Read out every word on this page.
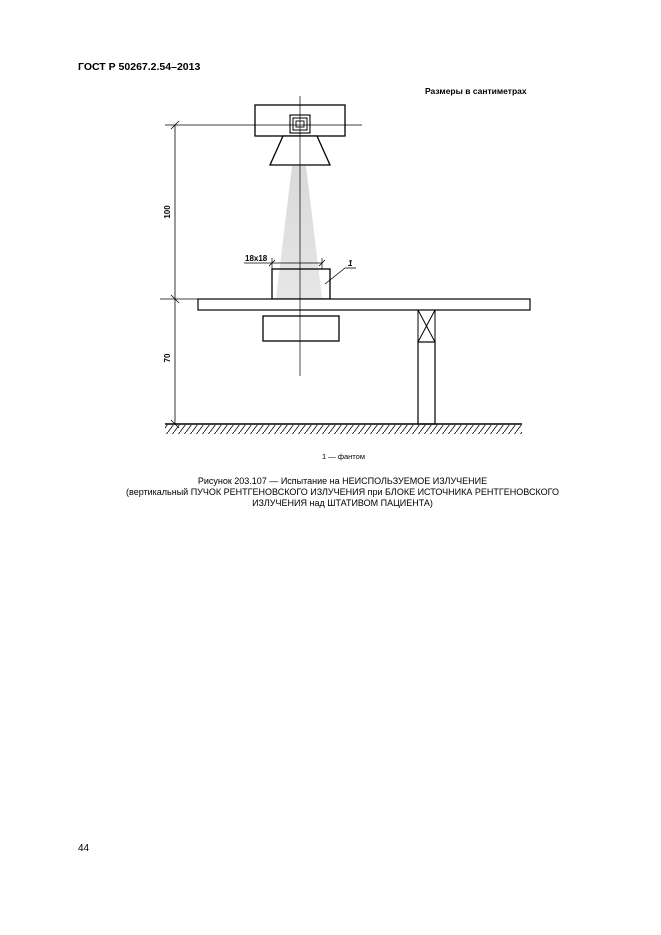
ГОСТ Р 50267.2.54–2013
Размеры в сантиметрах
100
70
18x18
1
1 — фантом
Рисунок 203.107 — Испытание на НЕИСПОЛЬЗУЕМОЕ ИЗЛУЧЕНИЕ
(вертикальный ПУЧОК РЕНТГЕНОВСКОГО ИЗЛУЧЕНИЯ при БЛОКЕ ИСТОЧНИКА РЕНТГЕНОВСКОГО
ИЗЛУЧЕНИЯ над ШТАТИВОМ ПАЦИЕНТА)
44
